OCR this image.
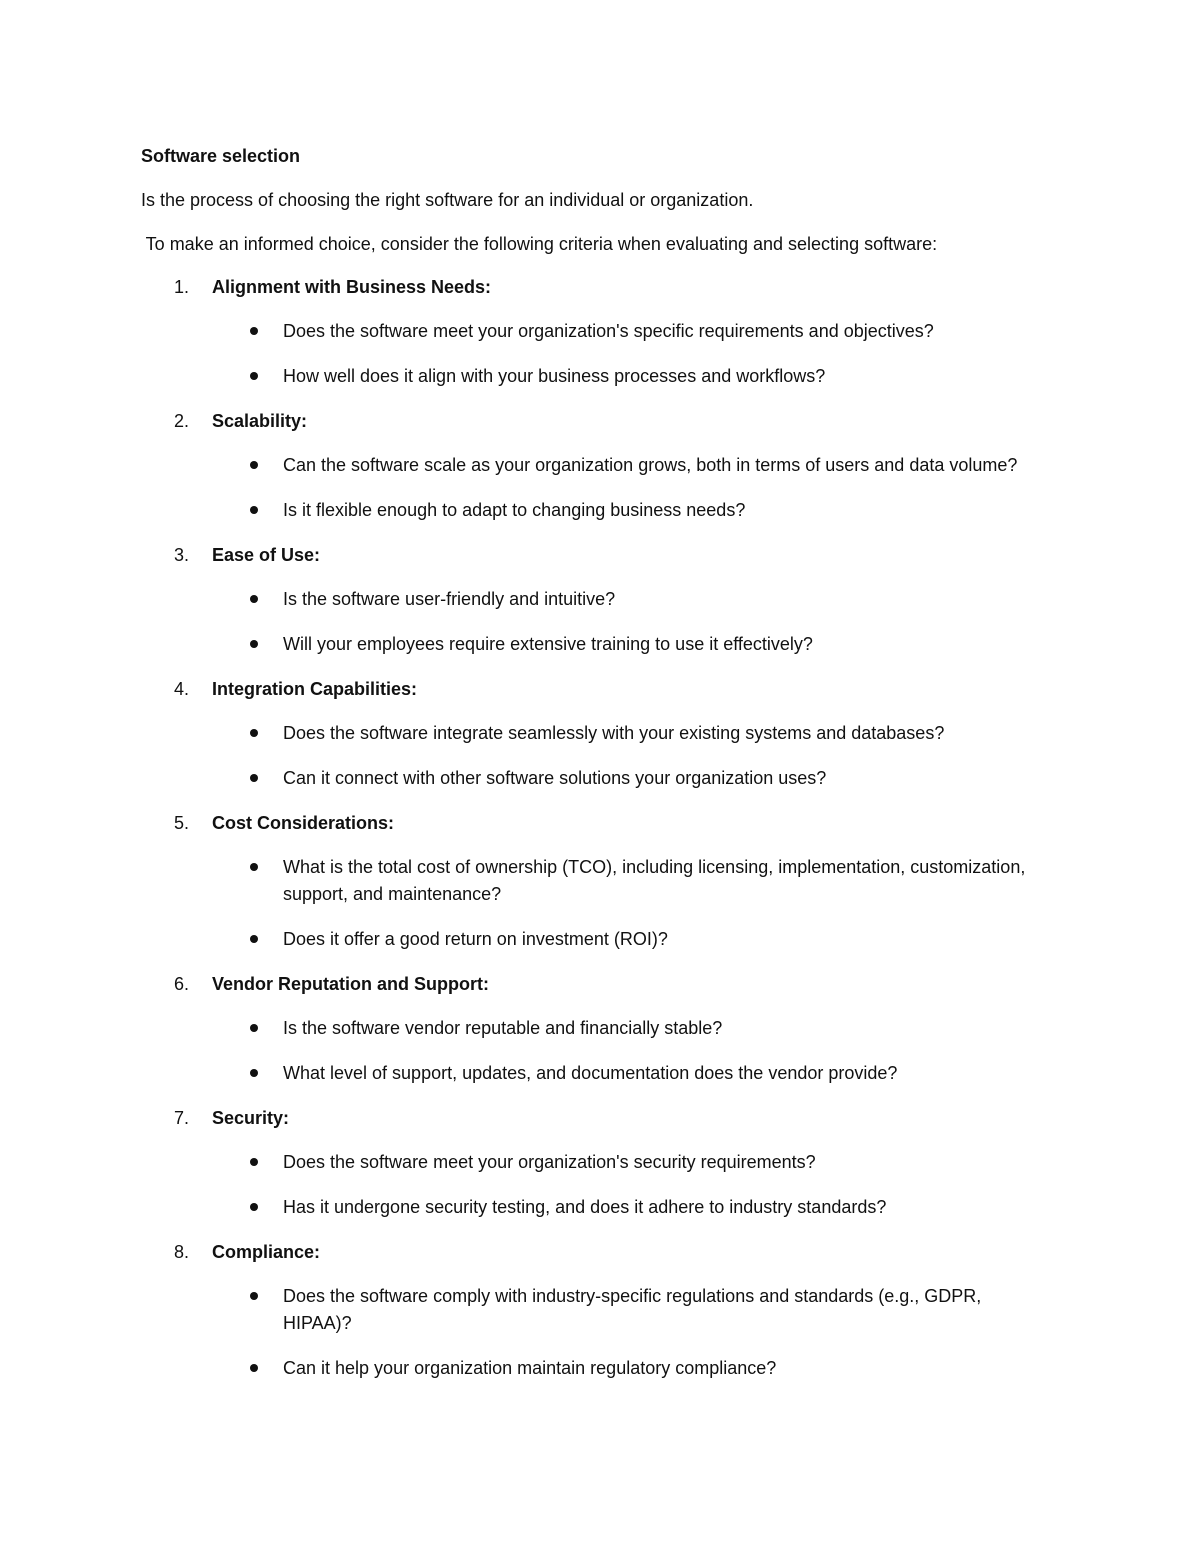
Software selection
Is the process of choosing the right software for an individual or organization.
To make an informed choice, consider the following criteria when evaluating and selecting software:
1. Alignment with Business Needs:
Does the software meet your organization's specific requirements and objectives?
How well does it align with your business processes and workflows?
2. Scalability:
Can the software scale as your organization grows, both in terms of users and data volume?
Is it flexible enough to adapt to changing business needs?
3. Ease of Use:
Is the software user-friendly and intuitive?
Will your employees require extensive training to use it effectively?
4. Integration Capabilities:
Does the software integrate seamlessly with your existing systems and databases?
Can it connect with other software solutions your organization uses?
5. Cost Considerations:
What is the total cost of ownership (TCO), including licensing, implementation, customization, support, and maintenance?
Does it offer a good return on investment (ROI)?
6. Vendor Reputation and Support:
Is the software vendor reputable and financially stable?
What level of support, updates, and documentation does the vendor provide?
7. Security:
Does the software meet your organization's security requirements?
Has it undergone security testing, and does it adhere to industry standards?
8. Compliance:
Does the software comply with industry-specific regulations and standards (e.g., GDPR, HIPAA)?
Can it help your organization maintain regulatory compliance?
